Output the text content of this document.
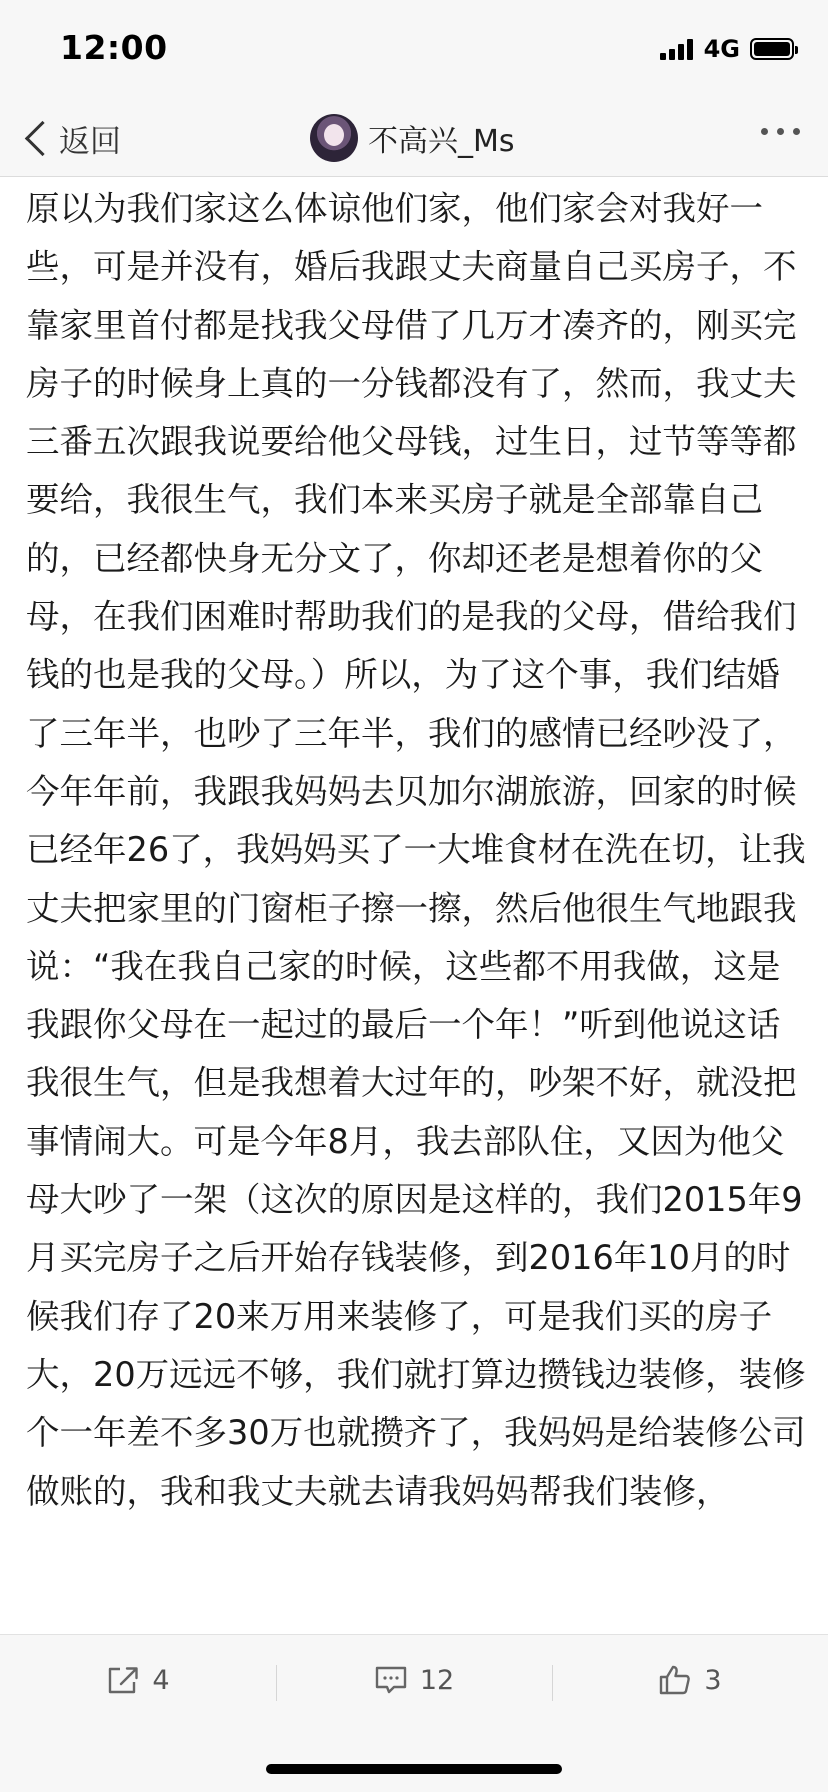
12:00	4G
返回	不高兴_Ms

原以为我们家这么体谅他们家，他们家会对我好一些，可是并没有，婚后我跟丈夫商量自己买房子，不靠家里首付都是找我父母借了几万才凑齐的，刚买完房子的时候身上真的一分钱都没有了，然而，我丈夫三番五次跟我说要给他父母钱，过生日，过节等等都要给，我很生气，我们本来买房子就是全部靠自己的，已经都快身无分文了，你却还老是想着你的父母，在我们困难时帮助我们的是我的父母，借给我们钱的也是我的父母。）所以，为了这个事，我们结婚了三年半，也吵了三年半，我们的感情已经吵没了，今年年前，我跟我妈妈去贝加尔湖旅游，回家的时候已经年26了，我妈妈买了一大堆食材在洗在切，让我丈夫把家里的门窗柜子擦一擦，然后他很生气地跟我说：“我在我自己家的时候，这些都不用我做，这是我跟你父母在一起过的最后一个年！”听到他说这话我很生气，但是我想着大过年的，吵架不好，就没把事情闹大。可是今年8月，我去部队住，又因为他父母大吵了一架（这次的原因是这样的，我们2015年9月买完房子之后开始存钱装修，到2016年10月的时候我们存了20来万用来装修了，可是我们买的房子大，20万远远不够，我们就打算边攒钱边装修，装修个一年差不多30万也就攒齐了，我妈妈是给装修公司做账的，我和我丈夫就去请我妈妈帮我们装修，

4	12	3
